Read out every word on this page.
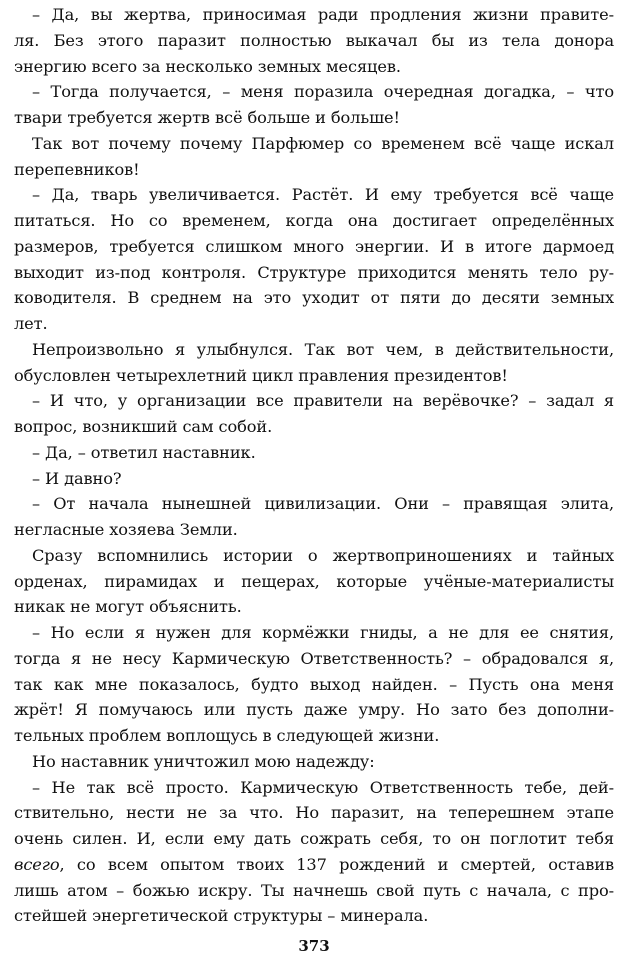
– Да, вы жертва, приносимая ради продления жизни правите-
ля. Без этого паразит полностью выкачал бы из тела донора
энергию всего за несколько земных месяцев.
– Тогда получается, – меня поразила очередная догадка, – что
твари требуется жертв всё больше и больше!
Так вот почему почему Парфюмер со временем всё чаще искал
перепевников!
– Да, тварь увеличивается. Растёт. И ему требуется всё чаще
питаться. Но со временем, когда она достигает определённых
размеров, требуется слишком много энергии. И в итоге дармоед
выходит из-под контроля. Структуре приходится менять тело ру-
ководителя. В среднем на это уходит от пяти до десяти земных
лет.
Непроизвольно я улыбнулся. Так вот чем, в действительности,
обусловлен четырехлетний цикл правления президентов!
– И что, у организации все правители на верёвочке? – задал я
вопрос, возникший сам собой.
– Да, – ответил наставник.
– И давно?
– От начала нынешней цивилизации. Они – правящая элита,
негласные хозяева Земли.
Сразу вспомнились истории о жертвоприношениях и тайных
орденах, пирамидах и пещерах, которые учёные-материалисты
никак не могут объяснить.
– Но если я нужен для кормёжки гниды, а не для ее снятия,
тогда я не несу Кармическую Ответственность? – обрадовался я,
так как мне показалось, будто выход найден. – Пусть она меня
жрёт! Я помучаюсь или пусть даже умру. Но зато без дополни-
тельных проблем воплощусь в следующей жизни.
Но наставник уничтожил мою надежду:
– Не так всё просто. Кармическую Ответственность тебе, дей-
ствительно, нести не за что. Но паразит, на теперешнем этапе
очень силен. И, если ему дать сожрать себя, то он поглотит тебя
всего, со всем опытом твоих 137 рождений и смертей, оставив
лишь атом – божью искру. Ты начнешь свой путь с начала, с про-
стейшей энергетической структуры – минерала.
373
